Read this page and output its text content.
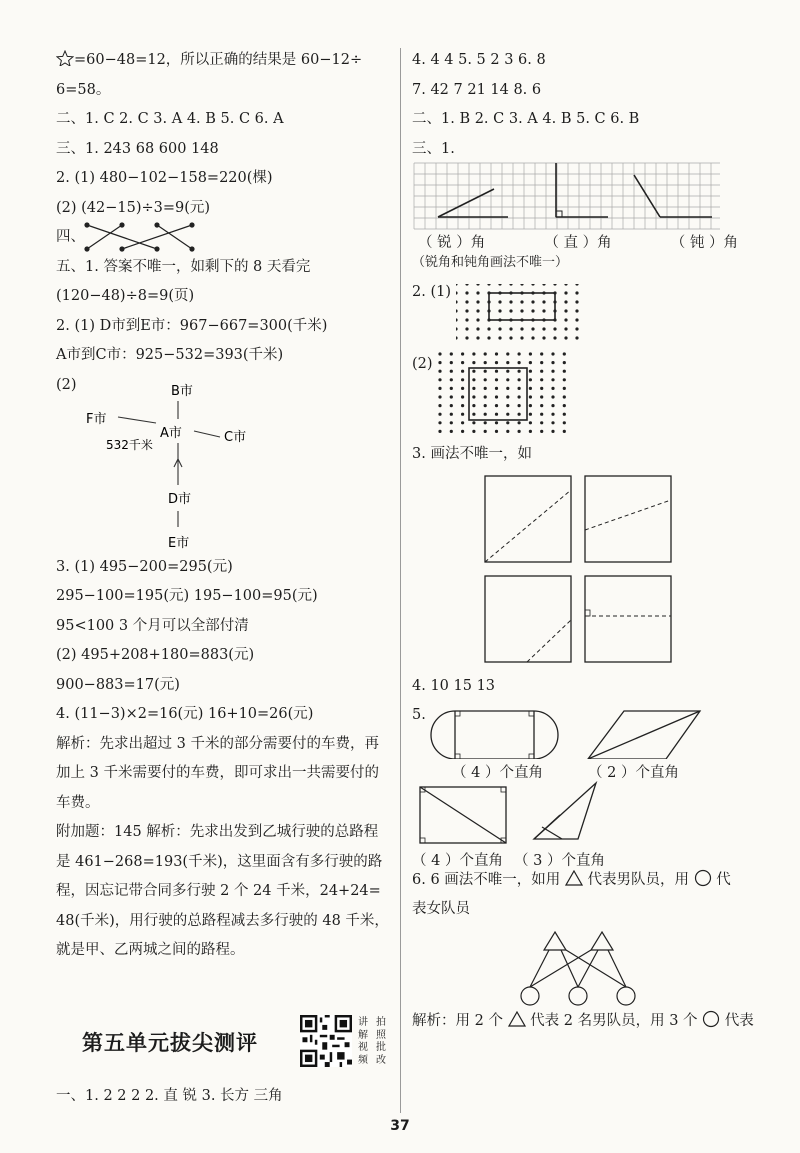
=60−48=12，所以正确的结果是 60−12÷
6=58。
二、1. C 2. C 3. A 4. B 5. C 6. A
三、1. 243 68 600 148
2. (1) 480−102−158=220(棵)
(2) (42−15)÷3=9(元)
四、
五、1. 答案不唯一，如剩下的 8 天看完
(120−48)÷8=9(页)
2. (1) D市到E市：967−667=300(千米)
A市到C市：925−532=393(千米)
(2)	B市
F市
A市	C市
532千米
D市
E市
3. (1) 495−200=295(元)
295−100=195(元) 195−100=95(元)
95<100 3 个月可以全部付清
(2) 495+208+180=883(元)
900−883=17(元)
4. (11−3)×2=16(元) 16+10=26(元)
解析：先求出超过 3 千米的部分需要付的车费，再
加上 3 千米需要付的车费，即可求出一共需要付的
车费。
附加题：145 解析：先求出发到乙城行驶的总路程
是 461−268=193(千米)，这里面含有多行驶的路
程，因忘记带合同多行驶 2 个 24 千米，24+24=
48(千米)，用行驶的总路程减去多行驶的 48 千米，
就是甲、乙两城之间的路程。
第五单元拔尖测评
讲 拍
解 照
视 批
频 改
一、1. 2 2 2 2. 直 锐 3. 长方 三角
4. 4 4 5. 5 2 3 6. 8
7. 42 7 21 14 8. 6
二、1. B 2. C 3. A 4. B 5. C 6. B
三、1.
（ 锐 ）角	（ 直 ）角	（ 钝 ）角
（锐角和钝角画法不唯一）
2. (1)
(2)
3. 画法不唯一，如
4. 10 15 13
5.
（ 4 ）个直角	（ 2 ）个直角
（ 4 ）个直角 （ 3 ）个直角
6. 6 画法不唯一，如用 代表男队员，用 代
表女队员
解析：用 2 个 代表 2 名男队员，用 3 个 代表
37
